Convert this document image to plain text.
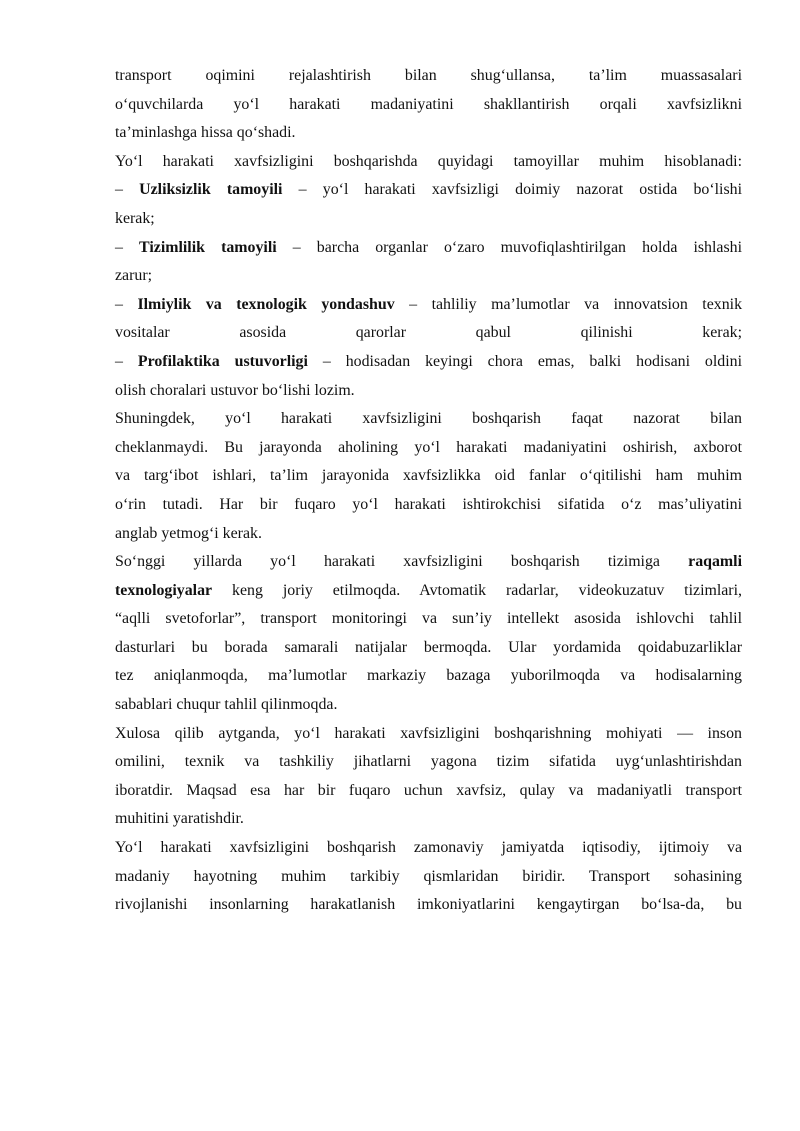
transport oqimini rejalashtirish bilan shug‘ullansa, ta’lim muassasalari
o‘quvchilarda yo‘l harakati madaniyatini shakllantirish orqali xavfsizlikni
ta’minlashga hissa qo‘shadi.
Yo‘l harakati xavfsizligini boshqarishda quyidagi tamoyillar muhim hisoblanadi:
– Uzliksizlik tamoyili – yo‘l harakati xavfsizligi doimiy nazorat ostida bo‘lishi
kerak;
– Tizimlilik tamoyili – barcha organlar o‘zaro muvofiqlashtirilgan holda ishlashi
zarur;
– Ilmiylik va texnologik yondashuv – tahliliy ma’lumotlar va innovatsion texnik
vositalar asosida qarorlar qabul qilinishi kerak;
– Profilaktika ustuvorligi – hodisadan keyingi chora emas, balki hodisani oldini
olish choralari ustuvor bo‘lishi lozim.
Shuningdek, yo‘l harakati xavfsizligini boshqarish faqat nazorat bilan
cheklanmaydi. Bu jarayonda aholining yo‘l harakati madaniyatini oshirish, axborot
va targ‘ibot ishlari, ta’lim jarayonida xavfsizlikka oid fanlar o‘qitilishi ham muhim
o‘rin tutadi. Har bir fuqaro yo‘l harakati ishtirokchisi sifatida o‘z mas’uliyatini
anglab yetmog‘i kerak.
So‘nggi yillarda yo‘l harakati xavfsizligini boshqarish tizimiga raqamli
texnologiyalar keng joriy etilmoqda. Avtomatik radarlar, videokuzatuv tizimlari,
“aqlli svetoforlar”, transport monitoringi va sun’iy intellekt asosida ishlovchi tahlil
dasturlari bu borada samarali natijalar bermoqda. Ular yordamida qoidabuzarliklar
tez aniqlanmoqda, ma’lumotlar markaziy bazaga yuborilmoqda va hodisalarning
sabablari chuqur tahlil qilinmoqda.
Xulosa qilib aytganda, yo‘l harakati xavfsizligini boshqarishning mohiyati — inson
omilini, texnik va tashkiliy jihatlarni yagona tizim sifatida uyg‘unlashtirishdan
iboratdir. Maqsad esa har bir fuqaro uchun xavfsiz, qulay va madaniyatli transport
muhitini yaratishdir.
Yo‘l harakati xavfsizligini boshqarish zamonaviy jamiyatda iqtisodiy, ijtimoiy va
madaniy hayotning muhim tarkibiy qismlaridan biridir. Transport sohasining
rivojlanishi insonlarning harakatlanish imkoniyatlarini kengaytirgan bo‘lsa-da, bu
